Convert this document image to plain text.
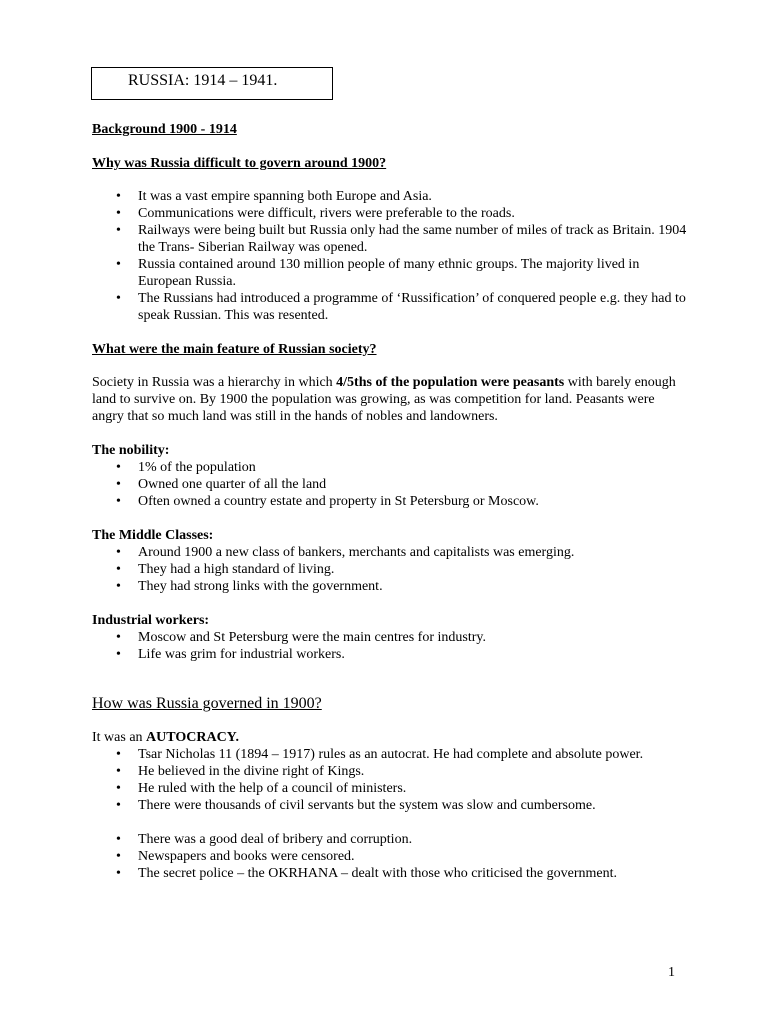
RUSSIA: 1914 – 1941.

Background 1900 - 1914

Why was Russia difficult to govern around 1900?

• It was a vast empire spanning both Europe and Asia.
• Communications were difficult, rivers were preferable to the roads.
• Railways were being built but Russia only had the same number of miles of track as Britain. 1904 the Trans- Siberian Railway was opened.
• Russia contained around 130 million people of many ethnic groups. The majority lived in European Russia.
• The Russians had introduced a programme of ‘Russification’ of conquered people e.g. they had to speak Russian. This was resented.

What were the main feature of Russian society?

Society in Russia was a hierarchy in which 4/5ths of the population were peasants with barely enough land to survive on. By 1900 the population was growing, as was competition for land. Peasants were angry that so much land was still in the hands of nobles and landowners.

The nobility:

• 1% of the population
• Owned one quarter of all the land
• Often owned a country estate and property in St Petersburg or Moscow.

The Middle Classes:

• Around 1900 a new class of bankers, merchants and capitalists was emerging.
• They had a high standard of living.
• They had strong links with the government.

Industrial workers:

• Moscow and St Petersburg were the main centres for industry.
• Life was grim for industrial workers.

How was Russia governed in 1900?

It was an AUTOCRACY.

• Tsar Nicholas 11 (1894 – 1917) rules as an autocrat. He had complete and absolute power.
• He believed in the divine right of Kings.
• He ruled with the help of a council of ministers.
• There were thousands of civil servants but the system was slow and cumbersome.
• There was a good deal of bribery and corruption.
• Newspapers and books were censored.
• The secret police – the OKRHANA – dealt with those who criticised the government.
1
